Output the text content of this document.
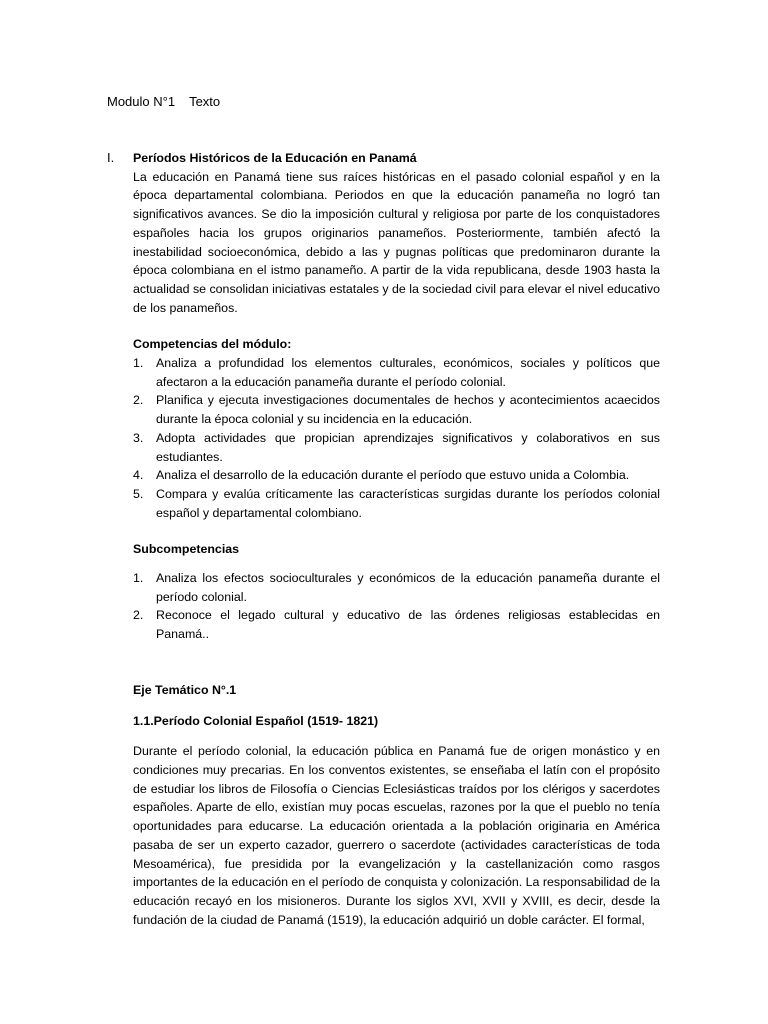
Modulo N°1 Texto
I. Períodos Históricos de la Educación en Panamá

La educación en Panamá tiene sus raíces históricas en el pasado colonial español y en la época departamental colombiana. Periodos en que la educación panameña no logró tan significativos avances. Se dio la imposición cultural y religiosa por parte de los conquistadores españoles hacia los grupos originarios panameños. Posteriormente, también afectó la inestabilidad socioeconómica, debido a las y pugnas políticas que predominaron durante la época colombiana en el istmo panameño. A partir de la vida republicana, desde 1903 hasta la actualidad se consolidan iniciativas estatales y de la sociedad civil para elevar el nivel educativo de los panameños.

Competencias del módulo:

1. Analiza a profundidad los elementos culturales, económicos, sociales y políticos que afectaron a la educación panameña durante el período colonial.
2. Planifica y ejecuta investigaciones documentales de hechos y acontecimientos acaecidos durante la época colonial y su incidencia en la educación.
3. Adopta actividades que propician aprendizajes significativos y colaborativos en sus estudiantes.
4. Analiza el desarrollo de la educación durante el período que estuvo unida a Colombia.
5. Compara y evalúa críticamente las características surgidas durante los períodos colonial español y departamental colombiano.

Subcompetencias

1. Analiza los efectos socioculturales y económicos de la educación panameña durante el período colonial.
2. Reconoce el legado cultural y educativo de las órdenes religiosas establecidas en Panamá..

Eje Temático N°.1

1.1.Período Colonial Español (1519- 1821)

Durante el período colonial, la educación pública en Panamá fue de origen monástico y en condiciones muy precarias. En los conventos existentes, se enseñaba el latín con el propósito de estudiar los libros de Filosofía o Ciencias Eclesiásticas traídos por los clérigos y sacerdotes españoles. Aparte de ello, existían muy pocas escuelas, razones por la que el pueblo no tenía oportunidades para educarse. La educación orientada a la población originaria en América pasaba de ser un experto cazador, guerrero o sacerdote (actividades características de toda Mesoamérica), fue presidida por la evangelización y la castellanización como rasgos importantes de la educación en el período de conquista y colonización. La responsabilidad de la educación recayó en los misioneros. Durante los siglos XVI, XVII y XVIII, es decir, desde la fundación de la ciudad de Panamá (1519), la educación adquirió un doble carácter. El formal,
